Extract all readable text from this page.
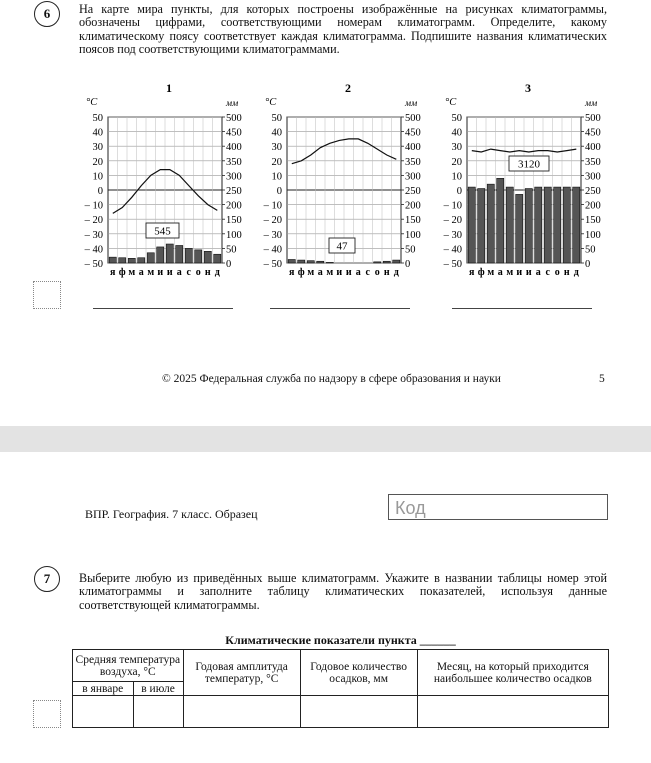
6	На карте мира пункты, для которых построены изображённые на рисунках климатограммы, обозначены цифрами, соответствующими номерам климатограмм. Определите, какому климатическому поясу соответствует каждая климатограмма. Подпишите названия климатических поясов под соответствующими климатограммами.
50	500
40	450
30	400
20	350
10	300
0	250
– 10	200
– 20	150
– 30	100
– 40	50
– 50	0
°C	мм
1
545
я ф м а м и и а с о н д
50	500
40	450
30	400
20	350
10	300
0	250
– 10	200
– 20	150
– 30	100
– 40	50
– 50	0
°C	мм
2
47
я ф м а м и и а с о н д
50	500
40	450
30	400
20	350
10	300
0	250
– 10	200
– 20	150
– 30	100
– 40	50
– 50	0
°C	мм
3
3120
я ф м а м и и а с о н д
© 2025 Федеральная служба по надзору в сфере образования и науки	5
ВПР. География. 7 класс. Образец	Код
7	Выберите любую из приведённых выше климатограмм. Укажите в названии таблицы номер этой климатограммы и заполните таблицу климатических показателей, используя данные соответствующей климатограммы.
Климатические показатели пункта ______
Средняя температура воздуха, °С		Годовая амплитуда температур, °С	Годовое количество осадков, мм	Месяц, на который приходится наибольшее количество осадков
в январе	в июле			
